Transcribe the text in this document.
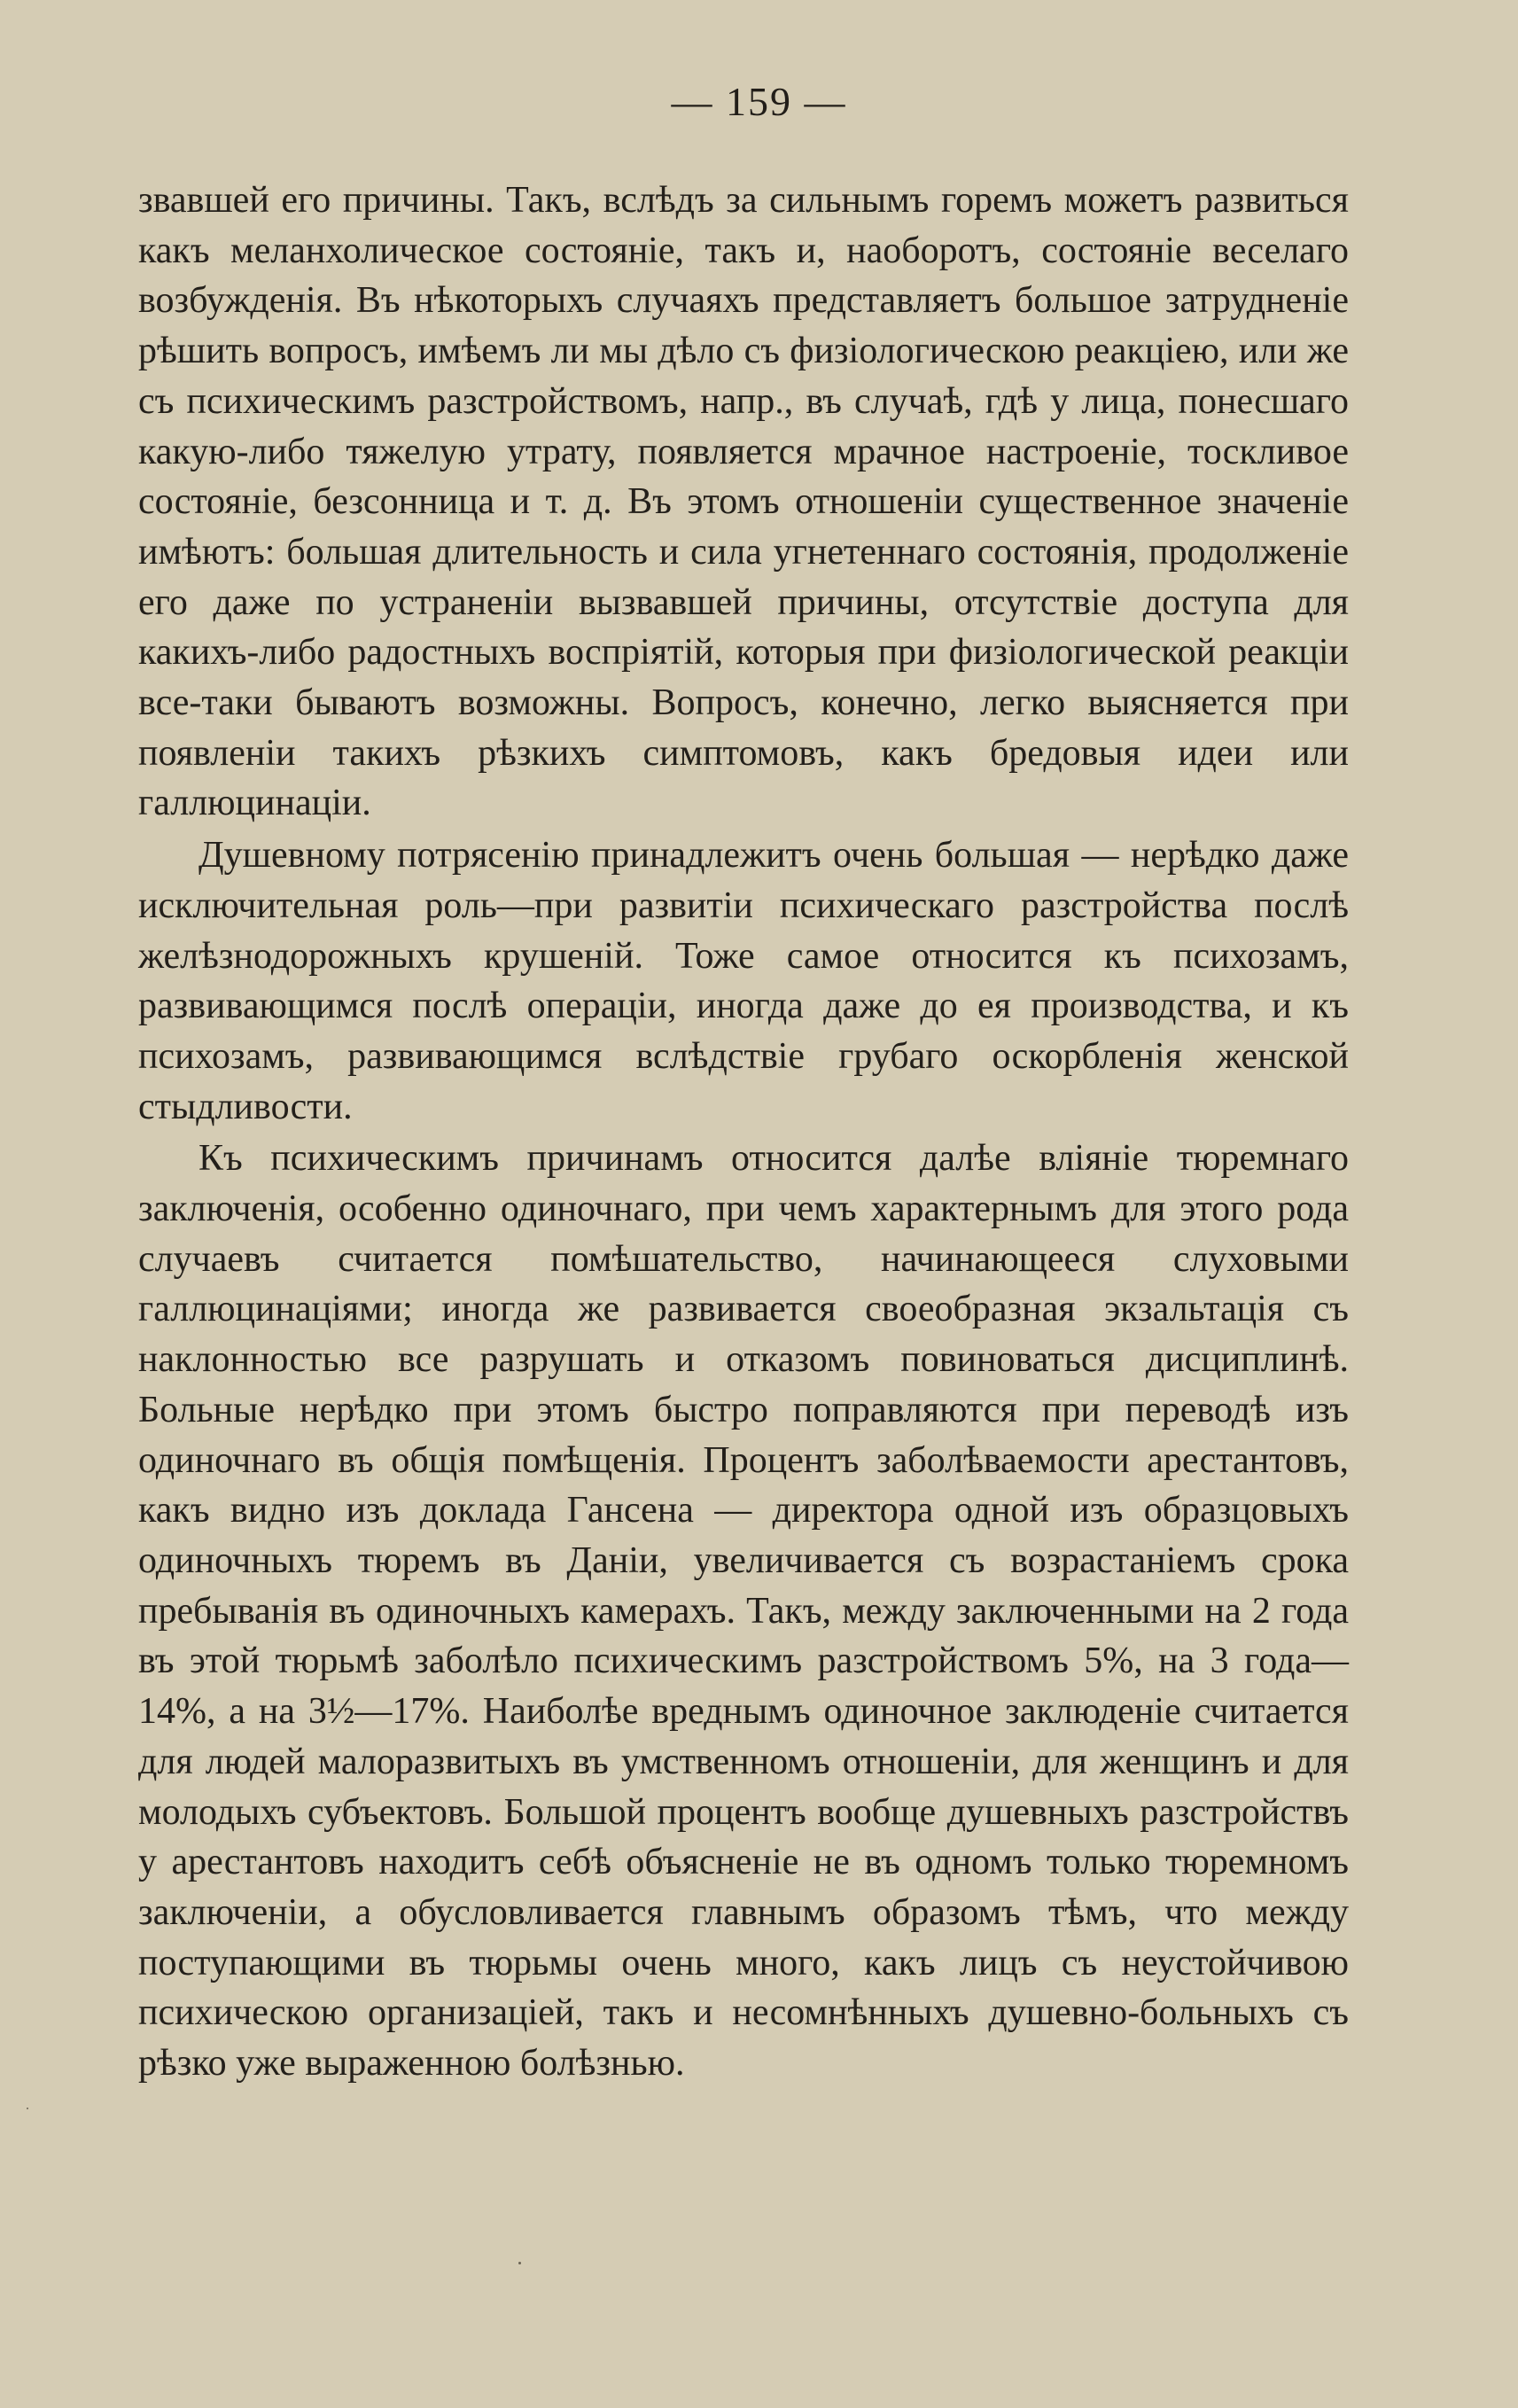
— 159 —

звавшей его причины. Такъ, вслѣдъ за сильнымъ горемъ можетъ развиться какъ меланхолическое состояніе, такъ и, наоборотъ, состояніе веселаго возбужденія. Въ нѣкоторыхъ случаяхъ представляетъ большое затрудненіе рѣшить вопросъ, имѣемъ ли мы дѣло съ физіологическою реакціею, или же съ психическимъ разстройствомъ, напр., въ случаѣ, гдѣ у лица, понесшаго какую-либо тяжелую утрату, появляется мрачное настроеніе, тоскливое состояніе, безсонница и т. д. Въ этомъ отношеніи существенное значеніе имѣютъ: большая длительность и сила угнетеннаго состоянія, продолженіе его даже по устраненіи вызвавшей причины, отсутствіе доступа для какихъ-либо радостныхъ воспріятій, которыя при физіологической реакціи все-таки бываютъ возможны. Вопросъ, конечно, легко выясняется при появленіи такихъ рѣзкихъ симптомовъ, какъ бредовыя идеи или галлюцинаціи.

Душевному потрясенію принадлежитъ очень большая — нерѣдко даже исключительная роль—при развитіи психическаго разстройства послѣ желѣзнодорожныхъ крушеній. Тоже самое относится къ психозамъ, развивающимся послѣ операціи, иногда даже до ея производства, и къ психозамъ, развивающимся вслѣдствіе грубаго оскорбленія женской стыдливости.

Къ психическимъ причинамъ относится далѣе вліяніе тюремнаго заключенія, особенно одиночнаго, при чемъ характернымъ для этого рода случаевъ считается помѣшательство, начинающееся слуховыми галлюцинаціями; иногда же развивается своеобразная экзальтація съ наклонностью все разрушать и отказомъ повиноваться дисциплинѣ. Больные нерѣдко при этомъ быстро поправляются при переводѣ изъ одиночнаго въ общія помѣщенія. Процентъ заболѣваемости арестантовъ, какъ видно изъ доклада Гансена — директора одной изъ образцовыхъ одиночныхъ тюремъ въ Даніи, увеличивается съ возрастаніемъ срока пребыванія въ одиночныхъ камерахъ. Такъ, между заключенными на 2 года въ этой тюрьмѣ заболѣло психическимъ разстройствомъ 5%, на 3 года—14%, а на 3½—17%. Наиболѣе вреднымъ одиночное заклюденіе считается для людей малоразвитыхъ въ умственномъ отношеніи, для женщинъ и для молодыхъ субъектовъ. Большой процентъ вообще душевныхъ разстройствъ у арестантовъ находитъ себѣ объясненіе не въ одномъ только тюремномъ заключеніи, а обусловливается главнымъ образомъ тѣмъ, что между поступающими въ тюрьмы очень много, какъ лицъ съ неустойчивою психическою организаціей, такъ и несомнѣнныхъ душевно-больныхъ съ рѣзко уже выраженною болѣзнью.
